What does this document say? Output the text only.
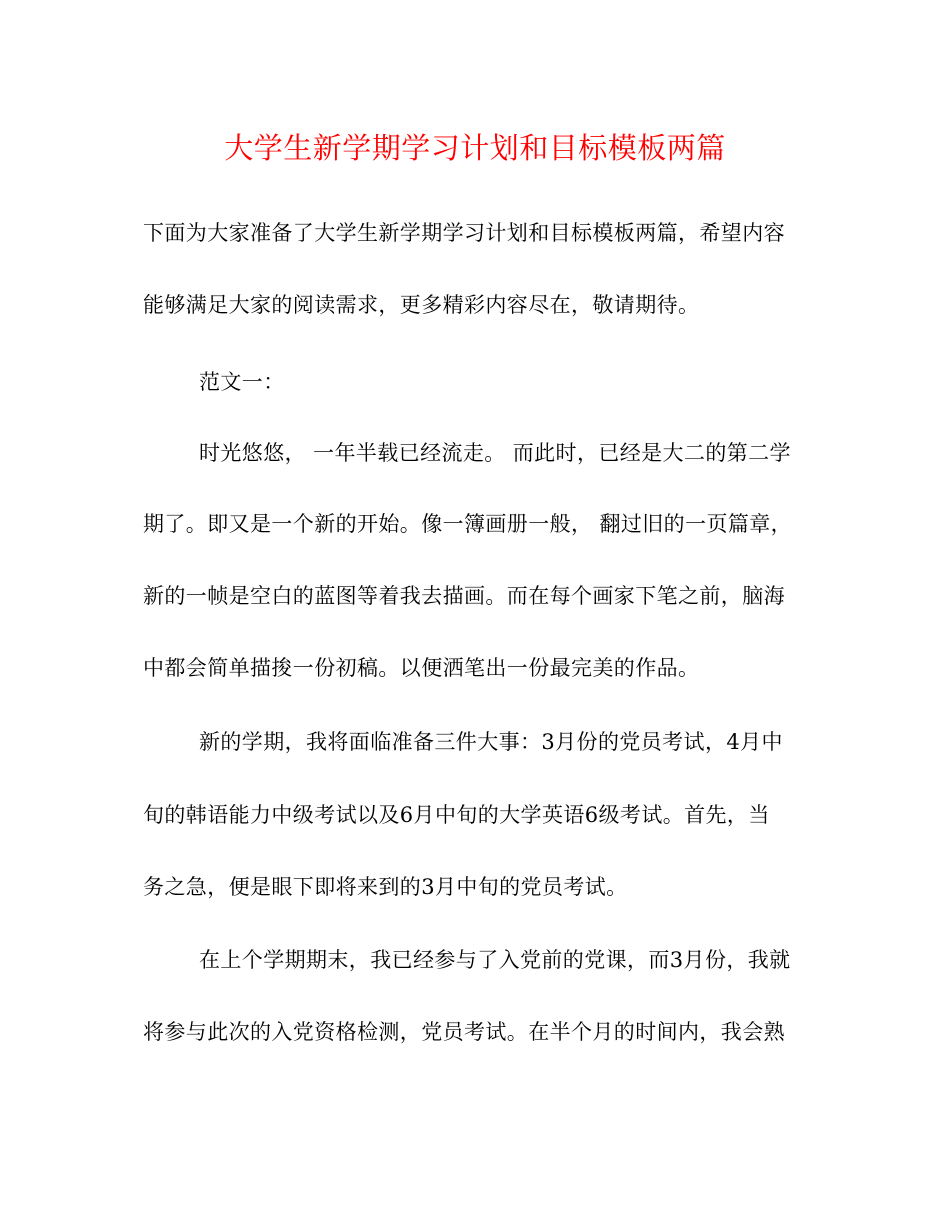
大学生新学期学习计划和目标模板两篇
下面为大家准备了大学生新学期学习计划和目标模板两篇，希望内容
能够满足大家的阅读需求，更多精彩内容尽在，敬请期待。
范文一：
时光悠悠， 一年半载已经流走。 而此时，已经是大二的第二学
期了。即又是一个新的开始。像一簿画册一般， 翻过旧的一页篇章，
新的一帧是空白的蓝图等着我去描画。而在每个画家下笔之前，脑海
中都会简单描捘一份初稿。以便洒笔出一份最完美的作品。
新的学期，我将面临准备三件大事：3月份的党员考试，4月中
旬的韩语能力中级考试以及6月中旬的大学英语6级考试。首先，当
务之急，便是眼下即将来到的3月中旬的党员考试。
在上个学期期末，我已经参与了入党前的党课，而3月份，我就
将参与此次的入党资格检测，党员考试。在半个月的时间内，我会熟
